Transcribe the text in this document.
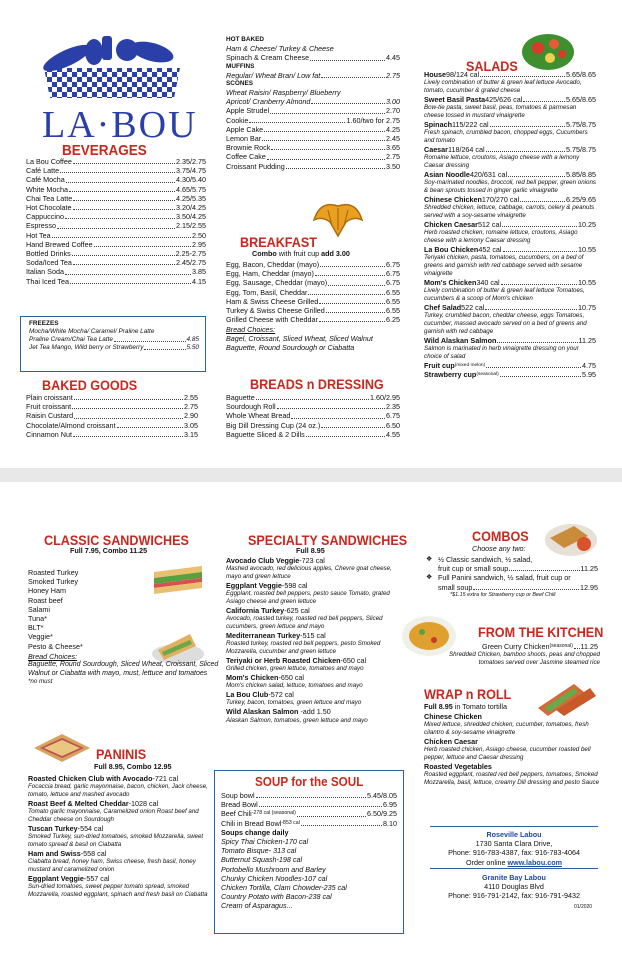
LA·BOU
BEVERAGES
La Bou Coffee	2.35/2.75
Café Latte	3.75/4.75
Café Mocha	4.30/5.40
White Mocha	4.65/5.75
Chai Tea Latte	4.25/5.35
Hot Chocolate	3.20/4.25
Cappuccino	3.50/4.25
Espresso	2.15/2.55
Hot Tea	2.50
Hand Brewed Coffee	2.95
Bottled Drinks	2.25-2.75
Soda/Iced Tea	2.45/2.75
Italian Soda	3.85
Thai Iced Tea	4.15
FREEZES
Mocha/White Mocha/ Caramel/ Praline Latte
Praline Cream/Chai Tea Latte	4.85
Jet Tea Mango, Wild berry or Strawberry	5.50
BAKED GOODS
Plain croissant	2.55
Fruit croissant	2.75
Raisin Custard	2.90
Chocolate/Almond croissant	3.05
Cinnamon Nut	3.15
HOT BAKED
Ham & Cheese/ Turkey & Cheese
Spinach & Cream Cheese	4.45
MUFFINS
Regular/ Wheat Bran/ Low fat	2.75
SCONES
Wheat Raisin/ Raspberry/ Blueberry
Apricot/ Cranberry Almond	3.00
Apple Strudel	2.70
Cookie	1.60/two for 2.75
Apple Cake	4.25
Lemon Bar	2.45
Brownie Rock	3.65
Coffee Cake	2.75
Croissant Pudding	3.50
BREAKFAST
Combo with fruit cup add 3.00
Egg, Bacon, Cheddar (mayo)	6.75
Egg, Ham, Cheddar (mayo)	6.75
Egg, Sausage, Cheddar (mayo)	6.75
Egg, Tom, Basil, Cheddar	6.55
Ham & Swiss Cheese Grilled	6.55
Turkey & Swiss Cheese Grilled	6.55
Grilled Cheese with Cheddar	6.25
Bread Choices:
Bagel, Croissant, Sliced Wheat, Sliced Walnut
Baguette, Round Sourdough or Ciabatta
BREADS n DRESSING
Baguette	1.60/2.95
Sourdough Roll	2.35
Whole Wheat Bread	6.75
Big Dill Dressing Cup (24 oz.)	6.50
Baguette Sliced & 2 Dills	4.55
SALADS
House 98/124 cal	5.65/8.65
Lively combination of butter & green leaf lettuce Avocado, tomato, cucumber & grated cheese
Sweet Basil Pasta 425/626 cal	5.65/8.65
Bow-tie pasta, sweet basil, peas, tomatoes & parmesan cheese tossed in mustard vinaigrette
Spinach 115/222 cal	5.75/8.75
Fresh spinach, crumbled bacon, chopped eggs, Cucumbers and tomato
Caesar 118/264 cal	5.75/8.75
Romaine lettuce, croutons, Asiago cheese with a lemony Caesar dressing
Asian Noodle 420/631 cal	5.85/8.85
Soy-marinated noodles, broccoli, red bell pepper, green onions & bean sprouts tossed in ginger garlic vinaigrette
Chinese Chicken 170/270 cal	6.25/9.65
Shredded chicken, lettuce, cabbage, carrots, celery & peanuts served with a soy-sesame vinaigrette
Chicken Caesar 512 cal	10.25
Herb roasted chicken, romaine lettuce, croutons, Asiago cheese with a lemony Caesar dressing
La Bou Chicken 452 cal	10.55
Teriyaki chicken, pasta, tomatoes, cucumbers, on a bed of greens and garnish with red cabbage served with sesame vinaigrette
Mom's Chicken 340 cal	10.55
Lively combination of butter & green leaf lettuce Tomatoes, cucumbers & a scoop of Mom's chicken
Chef Salad 522 cal	10.75
Turkey, crumbled bacon, cheddar cheese, eggs Tomatoes, cucumber, massed avocado served on a bed of greens and garnish with red cabbage
Wild Alaskan Salmon	11.25
Salmon is marinated in herb vinaigrette dressing on your choice of salad
Fruit cup (mixed melon)	4.75
Strawberry cup (seasonal)	5.95
CLASSIC SANDWICHES
Full 7.95, Combo 11.25
Roasted Turkey
Smoked Turkey
Honey Ham
Roast beef
Salami
Tuna*
BLT*
Veggie*
Pesto & Cheese*
Bread Choices:
Baguette, Round Sourdough, Sliced Wheat, Croissant, Sliced Walnut or Ciabatta with mayo, must, lettuce and tomatoes
*no must
PANINIS
Full 8.95, Combo 12.95
Roasted Chicken Club with Avocado-721 cal
Focaccia bread, garlic mayonnaise, bacon, chicken, Jack cheese, tomato, lettuce and mashed avocado
Roast Beef & Melted Cheddar-1028 cal
Tomato garlic mayonnaise, Caramelized onion Roast beef and Cheddar cheese on Sourdough
Tuscan Turkey-554 cal
Smoked Turkey, sun-dried tomatoes, smoked Mozzarella, sweet tomato spread & basil on Ciabatta
Ham and Swiss-558 cal
Ciabatta bread, honey ham, Swiss cheese, fresh basil, honey mustard and caramelized onion
Eggplant Veggie-557 cal
Sun-dried tomatoes, sweet pepper tomato spread, smoked Mozzarella, roasted eggplant, spinach and fresh basil on Ciabatta
SPECIALTY SANDWICHES
Full 8.95
Avocado Club Veggie-723 cal
Mashed avocado, red delicious apples, Chevre goat cheese, mayo and green lettuce
Eggplant Veggie-598 cal
Eggplant, roasted bell peppers, pesto sauce Tomato, grated Asiago cheese and green lettuce
California Turkey-625 cal
Avocado, roasted turkey, roasted red bell peppers, Sliced cucumbers, green lettuce and mayo
Mediterranean Turkey-515 cal
Roasted turkey, roasted red bell peppers, pesto Smoked Mozzarella, cucumber and green lettuce
Teriyaki or Herb Roasted Chicken-650 cal
Grilled chicken, green lettuce, tomatoes and mayo
Mom's Chicken-650 cal
Mom's chicken salad, lettuce, tomatoes and mayo
La Bou Club-572 cal
Turkey, bacon, tomatoes, green lettuce and mayo
Wild Alaskan Salmon -add 1.50
Alaskan Salmon, tomatoes, green lettuce and mayo
SOUP for the SOUL
Soup bowl	5.45/8.05
Bread Bowl	6.95
Beef Chili -278 cal (seasonal)	6.50/9.25
Chili in Bread Bowl -853 cal	8.10
Soups change daily
Spicy Thai Chicken-170 cal
Tomato Bisque- 313 cal
Butternut Squash-198 cal
Portobello Mushroom and Barley
Chunky Chicken Noodles-107 cal
Chicken Tortilla, Clam Chowder-235 cal
Country Potato with Bacon-238 cal
Cream of Asparagus...
COMBOS
Choose any two:
❖ ½ Classic sandwich, ½ salad,
fruit cup or small soup	11.25
❖ Full Panini sandwich, ½ salad, fruit cup or
small soup	12.95
*$1.15 extra for Strawberry cup or Beef Chili
FROM THE KITCHEN
Green Curry Chicken (seasonal) 11.25
Shredded Chicken, bamboo shoots, peas and chopped tomatoes served over Jasmine steamed rice
WRAP n ROLL
Full 8.95 in Tomato tortilla
Chinese Chicken
Mixed lettuce, shredded chicken, cucumber, tomatoes, fresh cilantro & soy-sesame vinaigrette
Chicken Caesar
Herb roasted chicken, Asiago cheese, cucumber roasted bell pepper, lettuce and Caesar dressing
Roasted Vegetables
Roasted eggplant, roasted red bell peppers, tomatoes, Smoked Mozzarella, basil, lettuce, creamy Dill dressing and pesto Sauce
Roseville Labou
1730 Santa Clara Drive,
Phone: 916-783-4387, fax: 916-783-4064
Order online www.labou.com
Granite Bay Labou
4110 Douglas Blvd
Phone: 916-791-2142, fax: 916-791-9432
01/2020
